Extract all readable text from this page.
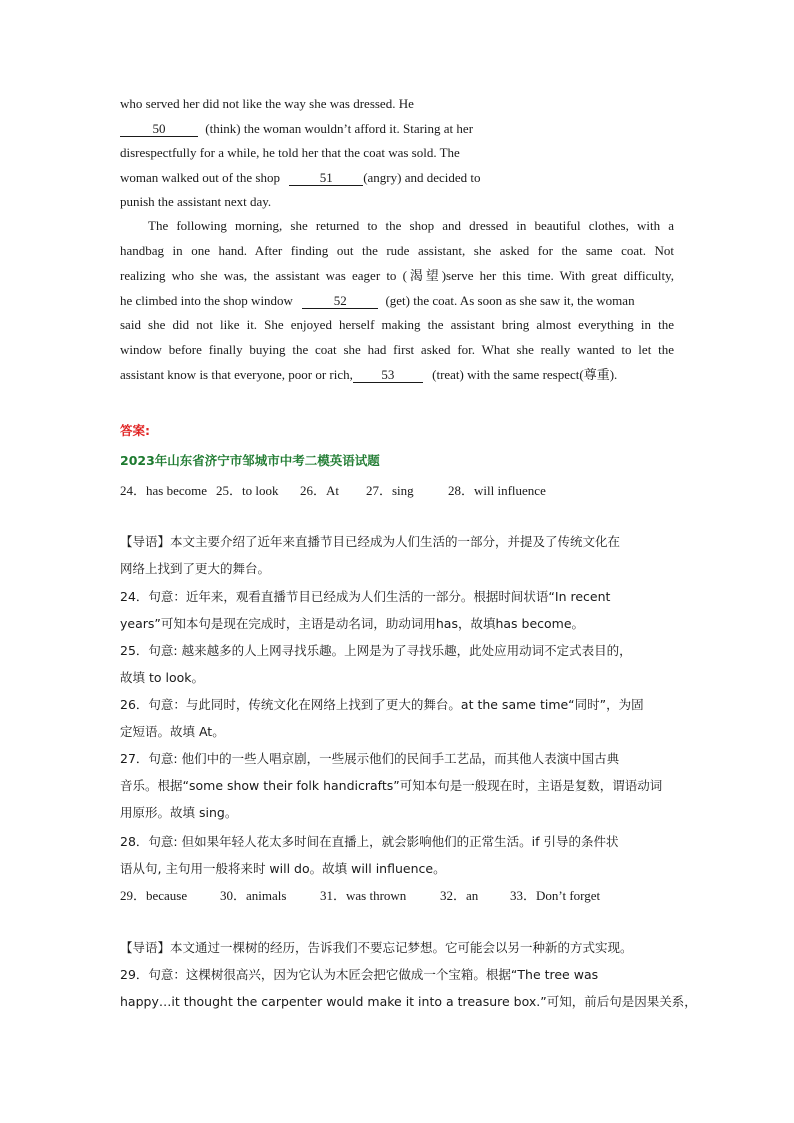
who served her did not like the way she was dressed. He
50	(think) the woman wouldn’t afford it. Staring at her
disrespectfully for a while, he told her that the coat was sold. The
woman walked out of the shop	51 (angry) and decided to
punish the assistant next day.
The following morning, she returned to the shop and dressed in beautiful clothes, with a
handbag in one hand. After finding out the rude assistant, she asked for the same coat. Not
realizing who she was, the assistant was eager to (渴望)serve her this time. With great difficulty,
he climbed into the shop window	52	(get) the coat. As soon as she saw it, the woman
said she did not like it. She enjoyed herself making the assistant bring almost everything in the
window before finally buying the coat she had first asked for. What she really wanted to let the
assistant know is that everyone, poor or rich, 53	(treat) with the same respect(尊重).
答案:
2023年山东省济宁市邹城市中考二模英语试题
24．has become 25．to look 26．At 27．sing	28．will influence
【导语】本文主要介绍了近年来直播节目已经成为人们生活的一部分，并提及了传统文化在
网络上找到了更大的舞台。
24．句意：近年来，观看直播节目已经成为人们生活的一部分。根据时间状语“In recent
years”可知本句是现在完成时，主语是动名词，助动词用has，故填has become。
25．句意: 越来越多的人上网寻找乐趣。上网是为了寻找乐趣，此处应用动词不定式表目的，
故填 to look。
26．句意：与此同时，传统文化在网络上找到了更大的舞台。at the same time“同时”，为固
定短语。故填 At。
27．句意: 他们中的一些人唱京剧，一些展示他们的民间手工艺品，而其他人表演中国古典
音乐。根据“some show their folk handicrafts”可知本句是一般现在时，主语是复数，谓语动词
用原形。故填 sing。
28．句意: 但如果年轻人花太多时间在直播上，就会影响他们的正常生活。if 引导的条件状
语从句, 主句用一般将来时 will do。故填 will influence。
29．because	30．animals	31．was thrown	32．an 33．Don’t forget
【导语】本文通过一棵树的经历，告诉我们不要忘记梦想。它可能会以另一种新的方式实现。
29．句意：这棵树很高兴，因为它认为木匠会把它做成一个宝箱。根据“The tree was
happy…it thought the carpenter would make it into a treasure box.”可知，前后句是因果关系，
